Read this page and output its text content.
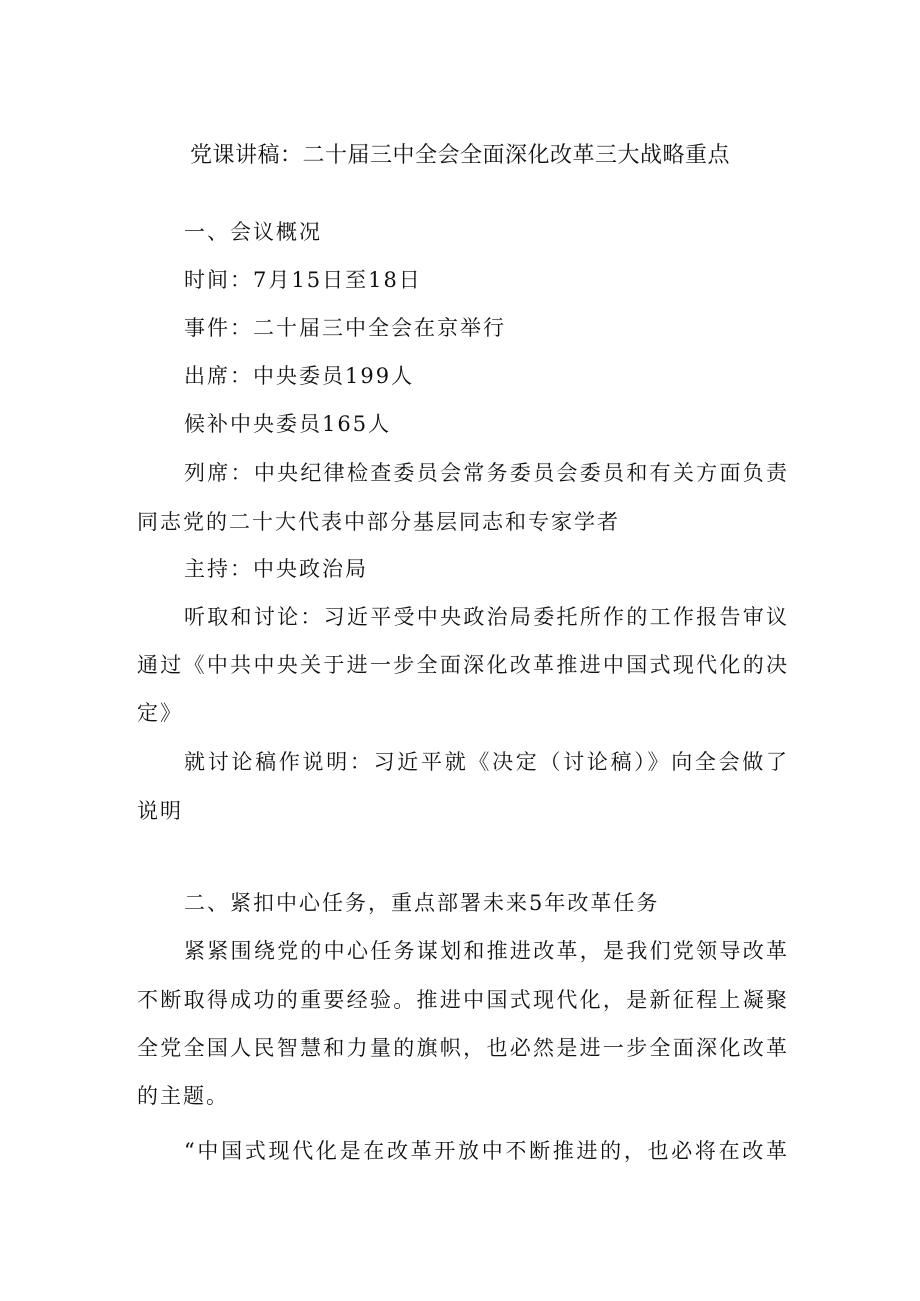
党课讲稿：二十届三中全会全面深化改革三大战略重点
一、会议概况
时间：7月15日至18日
事件：二十届三中全会在京举行
出席：中央委员199人
候补中央委员165人
列席：中央纪律检查委员会常务委员会委员和有关方面负责
同志党的二十大代表中部分基层同志和专家学者
主持：中央政治局
听取和讨论：习近平受中央政治局委托所作的工作报告审议
通过《中共中央关于进一步全面深化改革推进中国式现代化的决
定》
就讨论稿作说明：习近平就《决定（讨论稿）》向全会做了
说明
二、紧扣中心任务，重点部署未来5年改革任务
紧紧围绕党的中心任务谋划和推进改革，是我们党领导改革
不断取得成功的重要经验。推进中国式现代化，是新征程上凝聚
全党全国人民智慧和力量的旗帜，也必然是进一步全面深化改革
的主题。
“中国式现代化是在改革开放中不断推进的，也必将在改革
